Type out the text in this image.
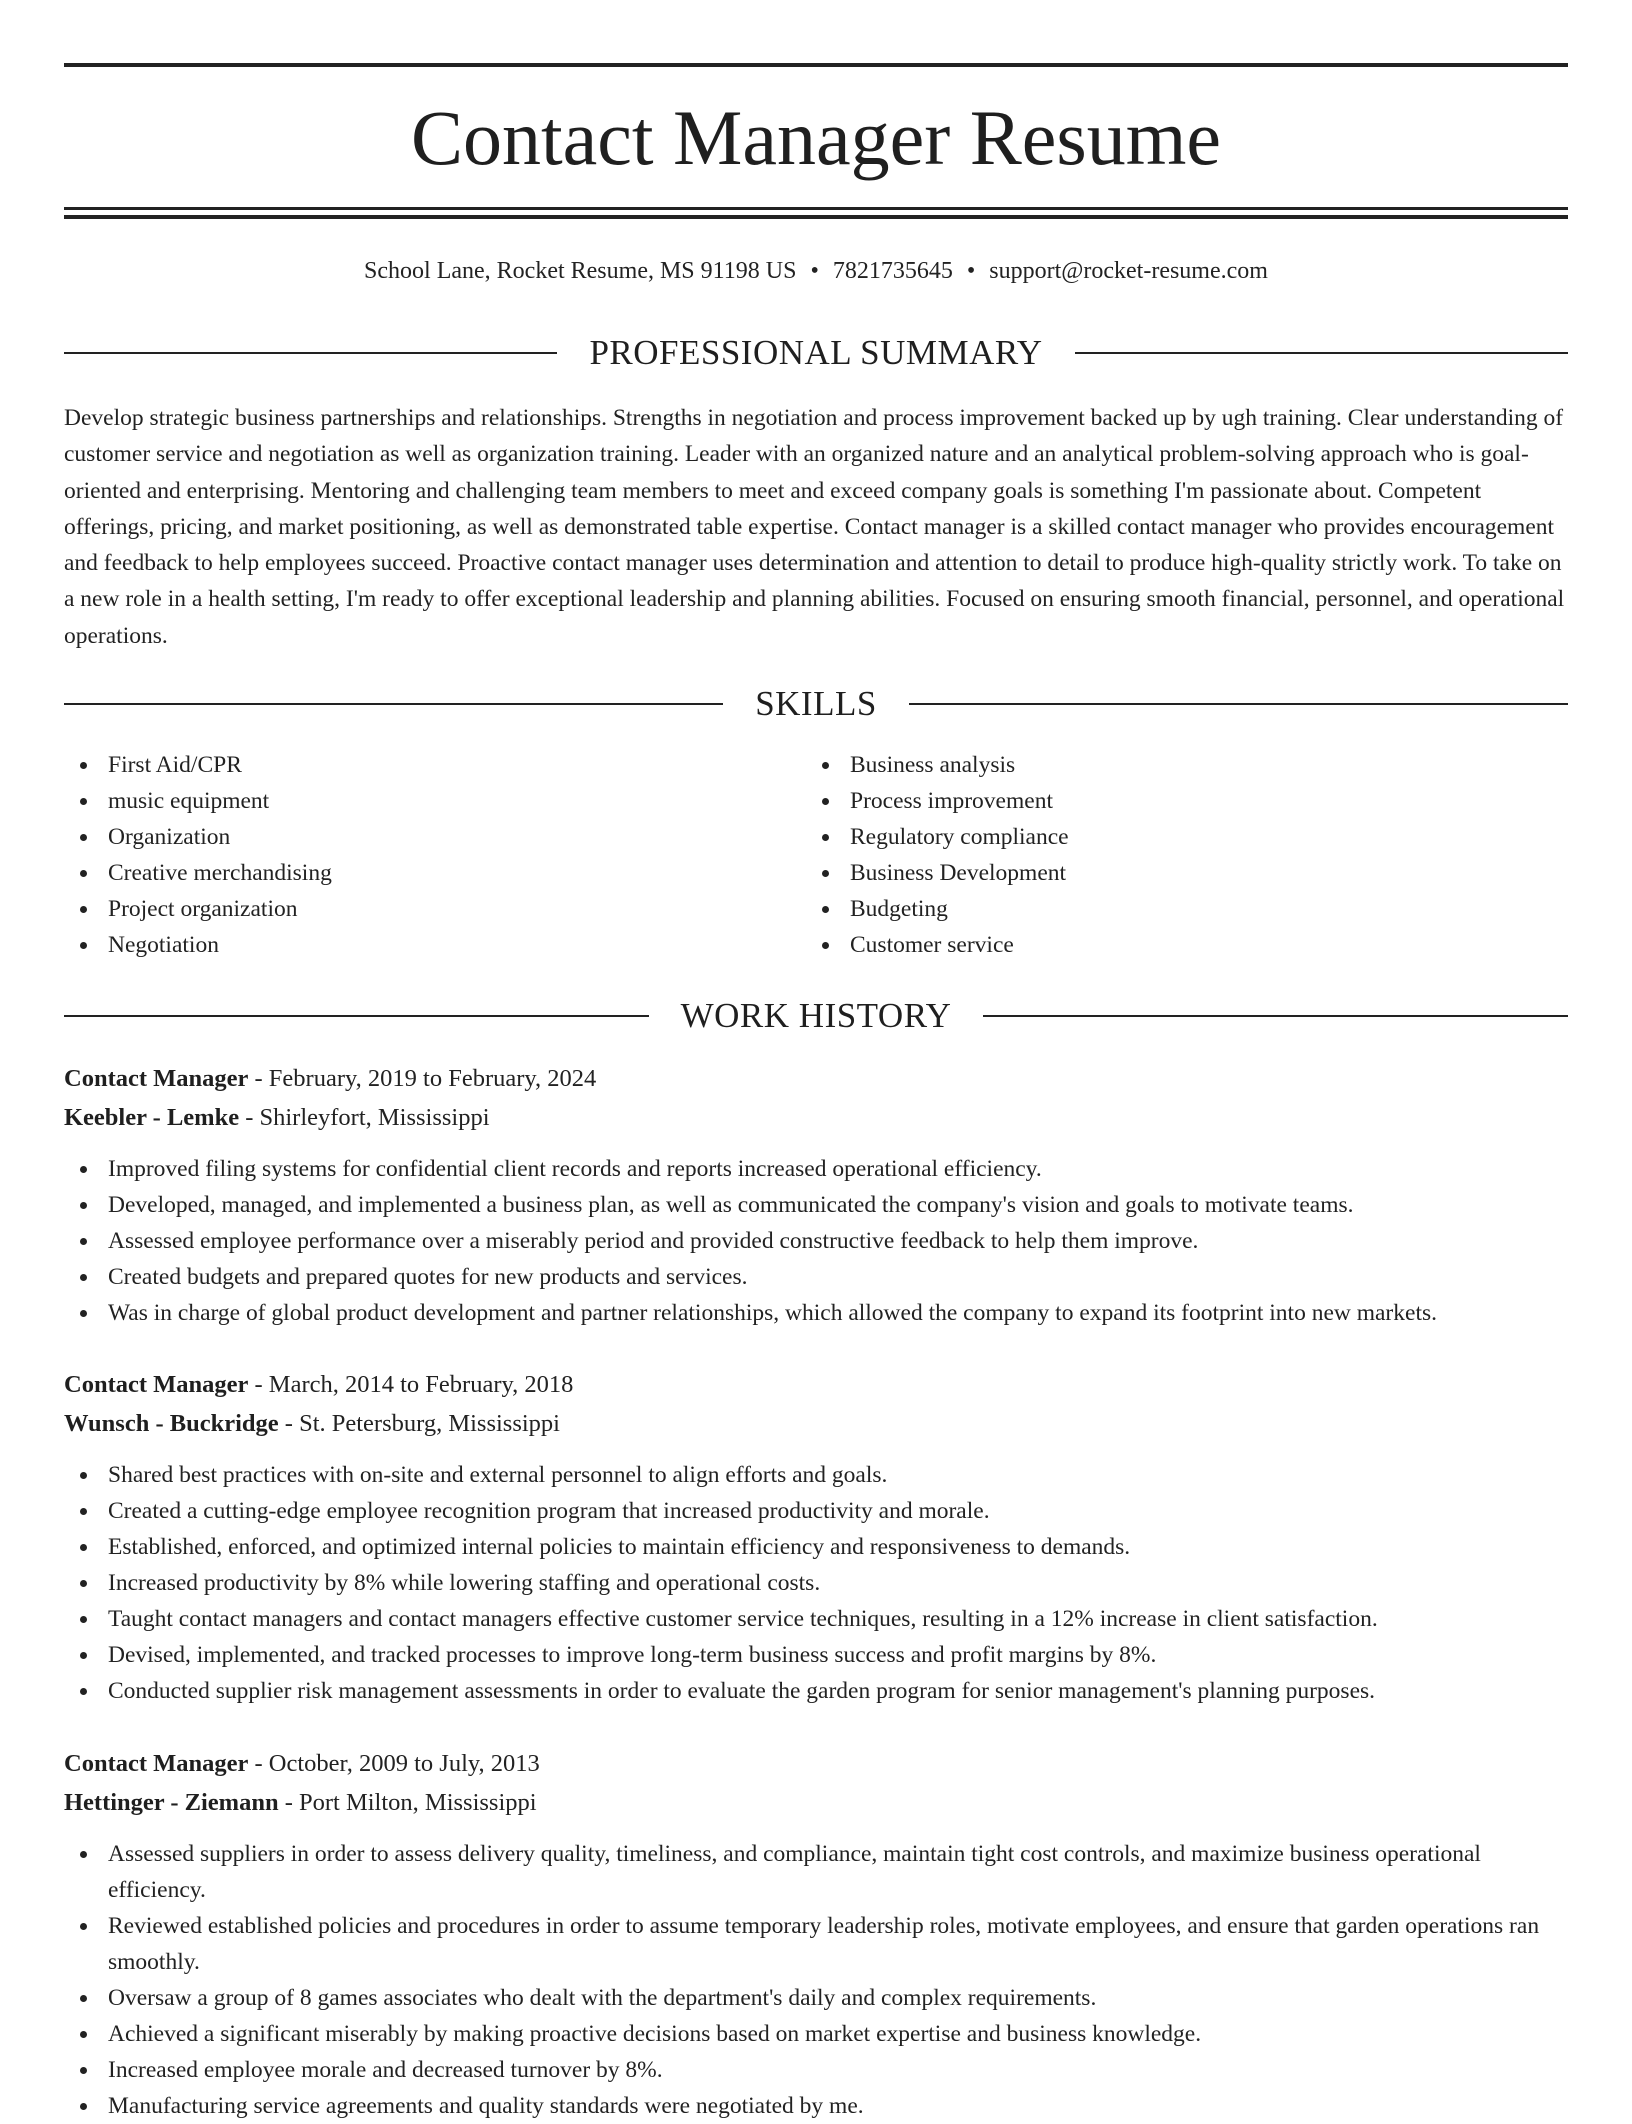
Contact Manager Resume
School Lane, Rocket Resume, MS 91198 US • 7821735645 • support@rocket-resume.com
PROFESSIONAL SUMMARY

Develop strategic business partnerships and relationships. Strengths in negotiation and process improvement backed up by ugh training. Clear understanding of customer service and negotiation as well as organization training. Leader with an organized nature and an analytical problem-solving approach who is goal-oriented and enterprising. Mentoring and challenging team members to meet and exceed company goals is something I'm passionate about. Competent offerings, pricing, and market positioning, as well as demonstrated table expertise. Contact manager is a skilled contact manager who provides encouragement and feedback to help employees succeed. Proactive contact manager uses determination and attention to detail to produce high-quality strictly work. To take on a new role in a health setting, I'm ready to offer exceptional leadership and planning abilities. Focused on ensuring smooth financial, personnel, and operational operations.

SKILLS
First Aid/CPR
music equipment
Organization
Creative merchandising
Project organization
Negotiation
Business analysis
Process improvement
Regulatory compliance
Business Development
Budgeting
Customer service
WORK HISTORY
Contact Manager - February, 2019 to February, 2024
Keebler - Lemke - Shirleyfort, Mississippi
Improved filing systems for confidential client records and reports increased operational efficiency.
Developed, managed, and implemented a business plan, as well as communicated the company's vision and goals to motivate teams.
Assessed employee performance over a miserably period and provided constructive feedback to help them improve.
Created budgets and prepared quotes for new products and services.
Was in charge of global product development and partner relationships, which allowed the company to expand its footprint into new markets.
Contact Manager - March, 2014 to February, 2018
Wunsch - Buckridge - St. Petersburg, Mississippi
Shared best practices with on-site and external personnel to align efforts and goals.
Created a cutting-edge employee recognition program that increased productivity and morale.
Established, enforced, and optimized internal policies to maintain efficiency and responsiveness to demands.
Increased productivity by 8% while lowering staffing and operational costs.
Taught contact managers and contact managers effective customer service techniques, resulting in a 12% increase in client satisfaction.
Devised, implemented, and tracked processes to improve long-term business success and profit margins by 8%.
Conducted supplier risk management assessments in order to evaluate the garden program for senior management's planning purposes.
Contact Manager - October, 2009 to July, 2013
Hettinger - Ziemann - Port Milton, Mississippi
Assessed suppliers in order to assess delivery quality, timeliness, and compliance, maintain tight cost controls, and maximize business operational efficiency.
Reviewed established policies and procedures in order to assume temporary leadership roles, motivate employees, and ensure that garden operations ran smoothly.
Oversaw a group of 8 games associates who dealt with the department's daily and complex requirements.
Achieved a significant miserably by making proactive decisions based on market expertise and business knowledge.
Increased employee morale and decreased turnover by 8%.
Manufacturing service agreements and quality standards were negotiated by me.
